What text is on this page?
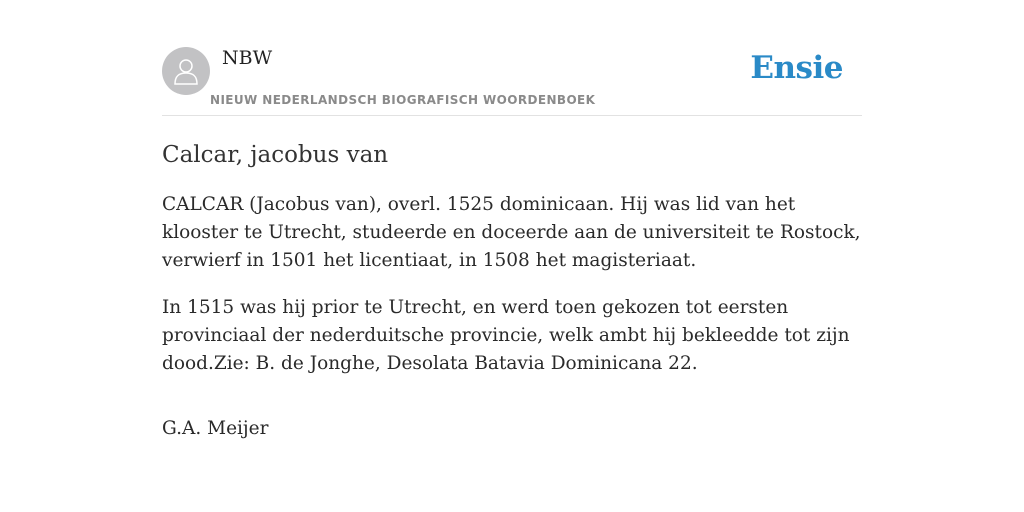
NBW
NIEUW NEDERLANDSCH BIOGRAFISCH WOORDENBOEK
Ensie
Calcar, jacobus van

CALCAR (Jacobus van), overl. 1525 dominicaan. Hij was lid van het klooster te Utrecht, studeerde en doceerde aan de universiteit te Rostock, verwierf in 1501 het licentiaat, in 1508 het magisteriaat.

In 1515 was hij prior te Utrecht, en werd toen gekozen tot eersten provinciaal der nederduitsche provincie, welk ambt hij bekleedde tot zijn dood.Zie: B. de Jonghe, Desolata Batavia Dominicana 22.

G.A. Meijer
